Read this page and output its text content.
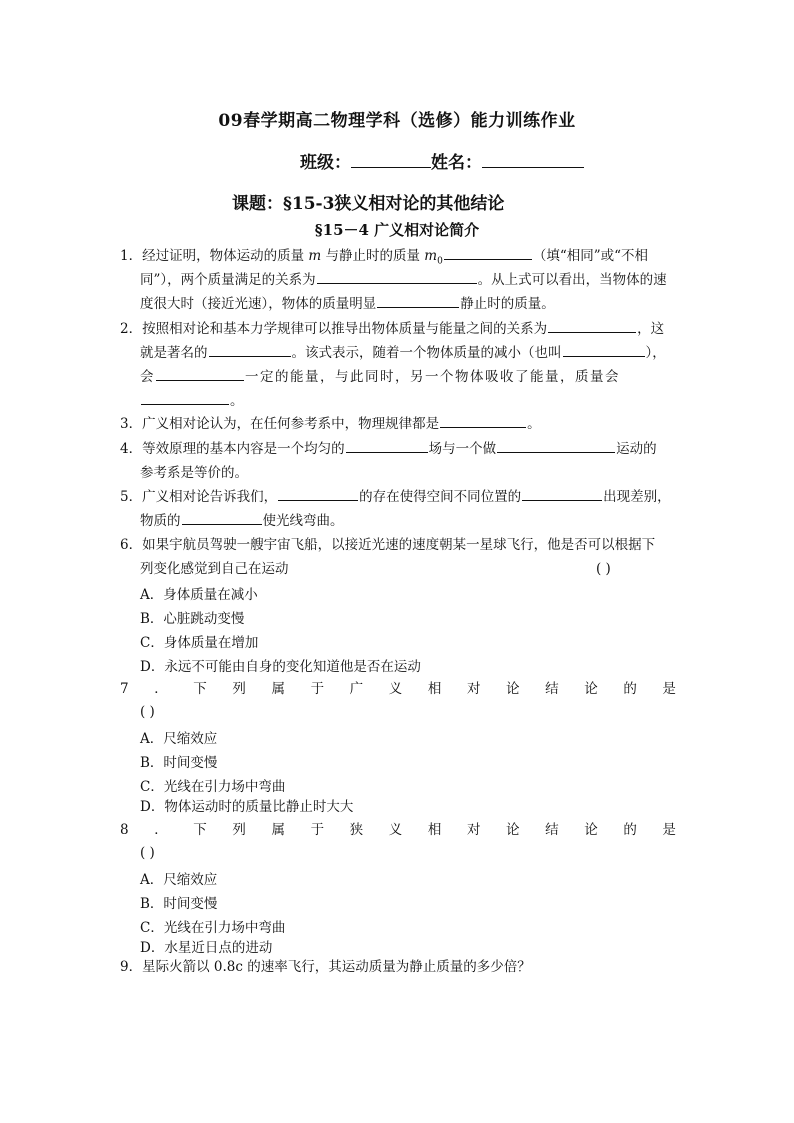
09春学期高二物理学科（选修）能力训练作业
班级：	姓名：
课题：§15-3狭义相对论的其他结论
§15－4 广义相对论简介
1．经过证明，物体运动的质量 m 与静止时的质量 $m_0$	（填“相同”或“不相
同”），两个质量满足的关系为	。从上式可以看出，当物体的速
度很大时（接近光速），物体的质量明显	静止时的质量。
2．按照相对论和基本力学规律可以推导出物体质量与能量之间的关系为	，这
就是著名的	。该式表示，随着一个物体质量的减小（也叫	），
会	一定的能量，与此同时，另一个物体吸收了能量，质量会
。
3．广义相对论认为，在任何参考系中，物理规律都是	。
4．等效原理的基本内容是一个均匀的	场与一个做	运动的
参考系是等价的。
5．广义相对论告诉我们，	的存在使得空间不同位置的	出现差别，
物质的	使光线弯曲。
6．如果宇航员驾驶一艘宇宙飞船，以接近光速的速度朝某一星球飞行，他是否可以根据下
列变化感觉到自己在运动	( )
A．身体质量在减小
B．心脏跳动变慢
C．身体质量在增加
D．永远不可能由自身的变化知道他是否在运动
7 ． 下 列 属 于 广 义 相 对 论 结 论 的 是
( )
A．尺缩效应
B．时间变慢
C．光线在引力场中弯曲
D．物体运动时的质量比静止时大大
8 ． 下 列 属 于 狭 义 相 对 论 结 论 的 是
( )
A．尺缩效应
B．时间变慢
C．光线在引力场中弯曲
D．水星近日点的进动
9．星际火箭以 0.8c 的速率飞行，其运动质量为静止质量的多少倍？
